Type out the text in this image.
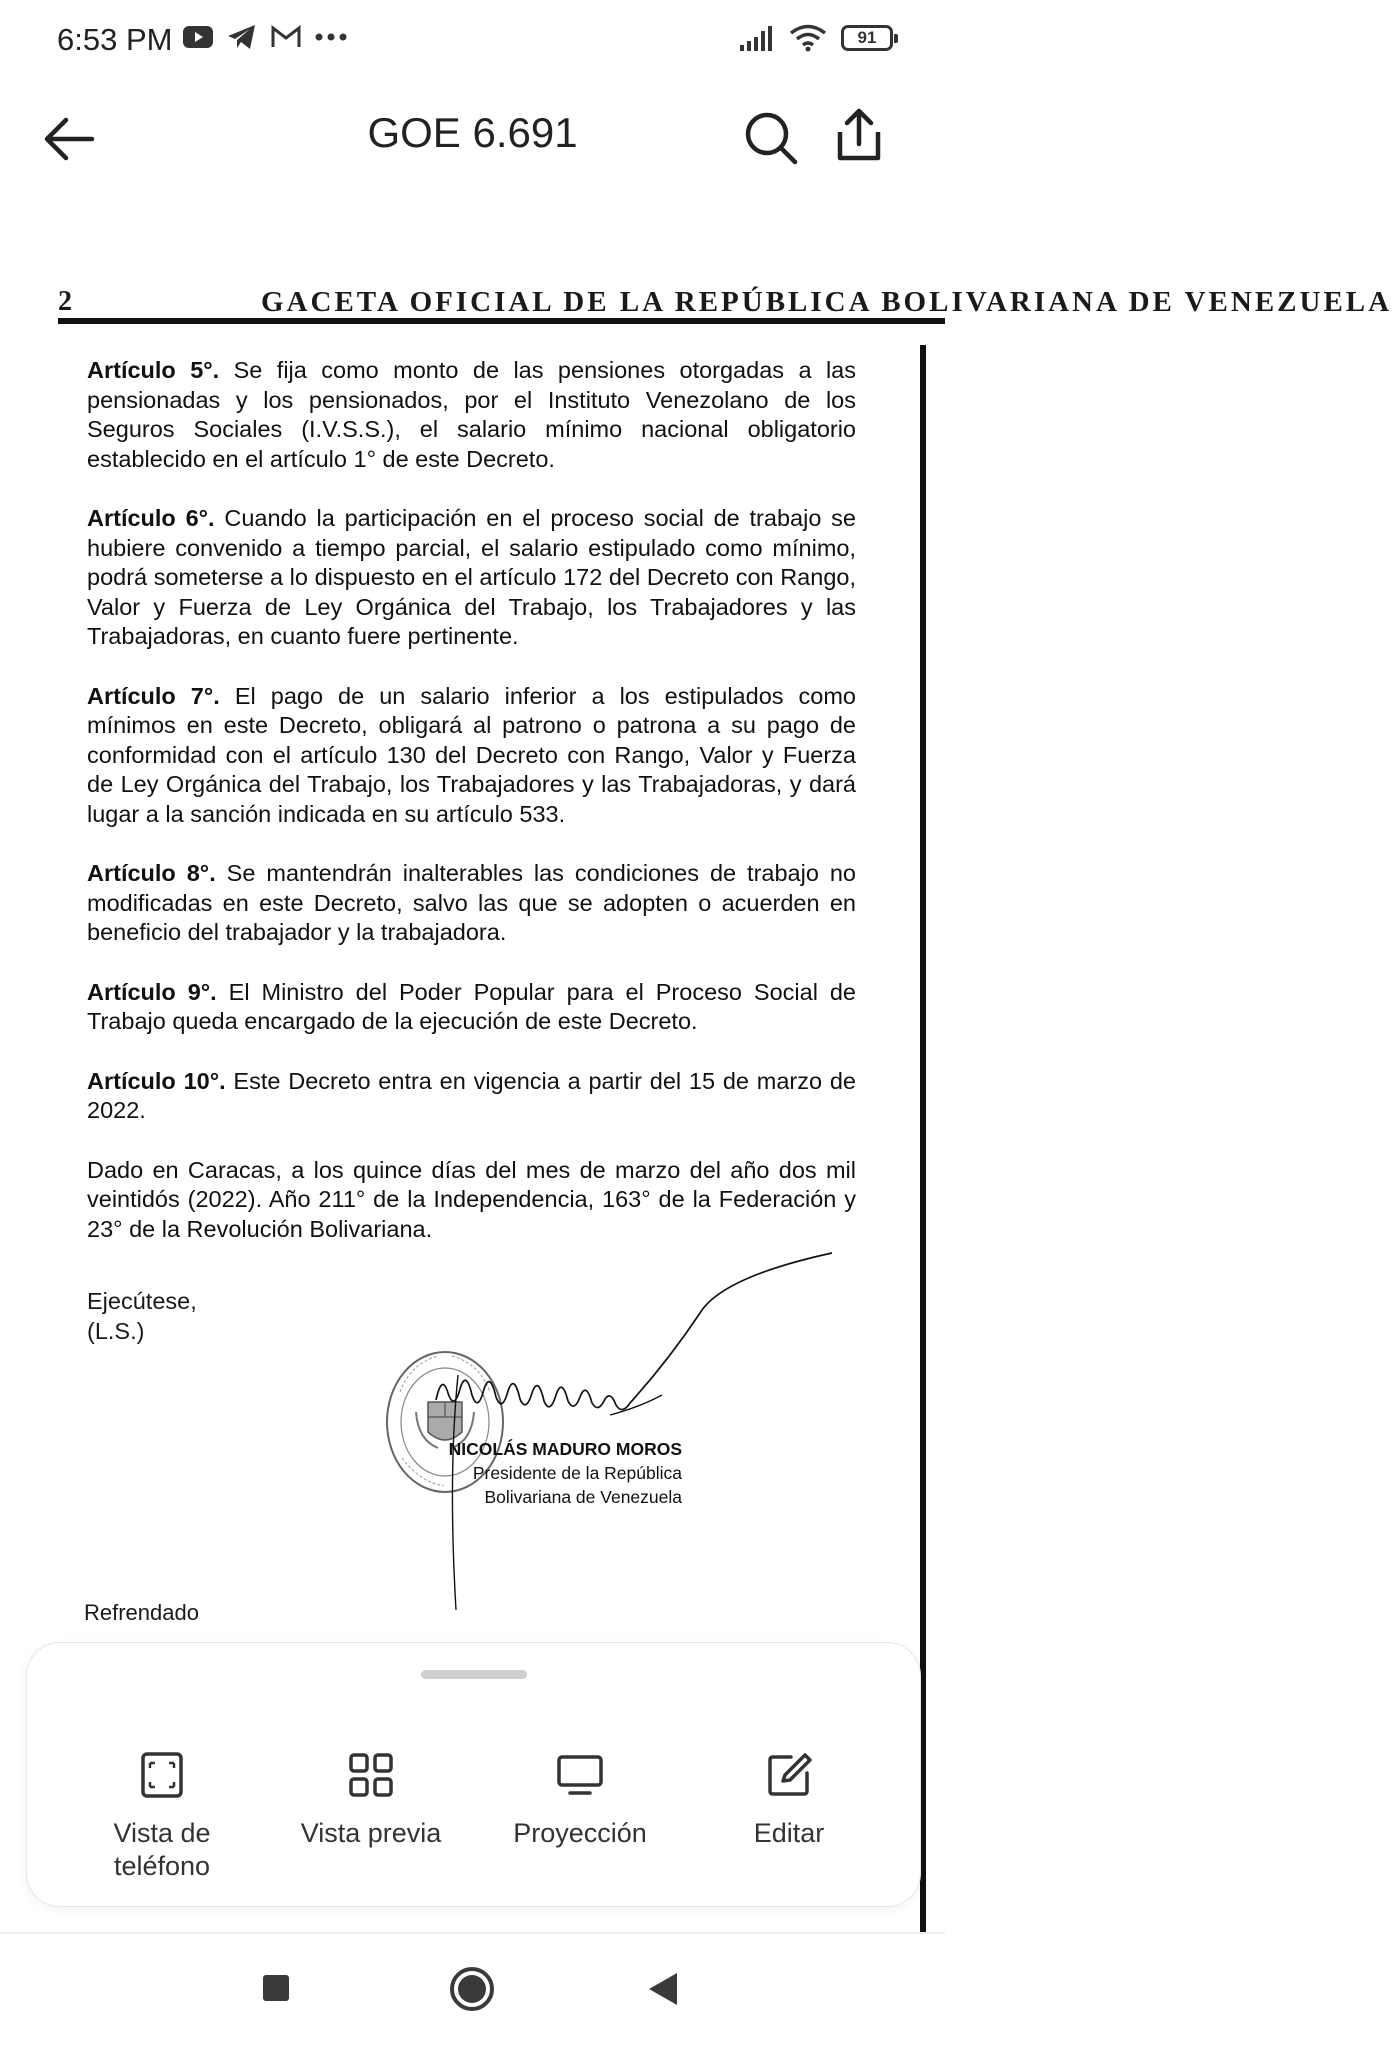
6:53 PM	91
GOE 6.691
2	GACETA OFICIAL DE LA REPÚBLICA BOLIVARIANA DE VENEZUELA

Artículo 5°. Se fija como monto de las pensiones otorgadas a las pensionadas y los pensionados, por el Instituto Venezolano de los Seguros Sociales (I.V.S.S.), el salario mínimo nacional obligatorio establecido en el artículo 1° de este Decreto.

Artículo 6°. Cuando la participación en el proceso social de trabajo se hubiere convenido a tiempo parcial, el salario estipulado como mínimo, podrá someterse a lo dispuesto en el artículo 172 del Decreto con Rango, Valor y Fuerza de Ley Orgánica del Trabajo, los Trabajadores y las Trabajadoras, en cuanto fuere pertinente.

Artículo 7°. El pago de un salario inferior a los estipulados como mínimos en este Decreto, obligará al patrono o patrona a su pago de conformidad con el artículo 130 del Decreto con Rango, Valor y Fuerza de Ley Orgánica del Trabajo, los Trabajadores y las Trabajadoras, y dará lugar a la sanción indicada en su artículo 533.

Artículo 8°. Se mantendrán inalterables las condiciones de trabajo no modificadas en este Decreto, salvo las que se adopten o acuerden en beneficio del trabajador y la trabajadora.

Artículo 9°. El Ministro del Poder Popular para el Proceso Social de Trabajo queda encargado de la ejecución de este Decreto.

Artículo 10°. Este Decreto entra en vigencia a partir del 15 de marzo de 2022.

Dado en Caracas, a los quince días del mes de marzo del año dos mil veintidós (2022). Año 211° de la Independencia, 163° de la Federación y 23° de la Revolución Bolivariana.

Ejecútese,
(L.S.)
NICOLÁS MADURO MOROS
Presidente de la República
Bolivariana de Venezuela
Refrendado
Vista de teléfono
Vista previa	Proyección	Editar
